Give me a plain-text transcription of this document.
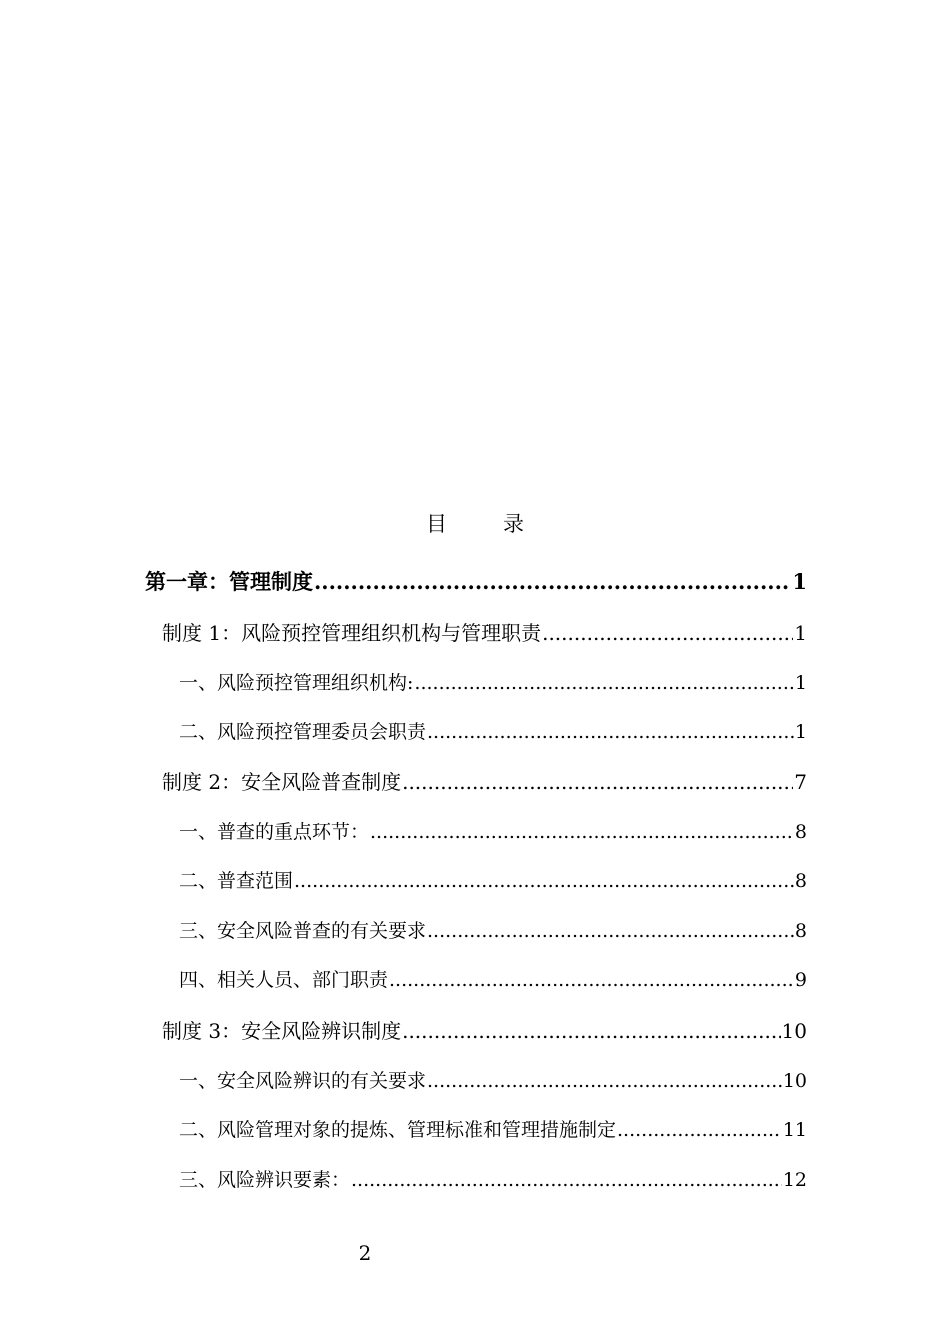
目录
第一章：管理制度 .....	1
制度 1：风险预控管理组织机构与管理职责 .....	1
一、风险预控管理组织机构: .....	1
二、风险预控管理委员会职责 .....	1
制度 2：安全风险普查制度 .....	7
一、普查的重点环节： .....	8
二、普查范围 .....	8
三、安全风险普查的有关要求 .....	8
四、相关人员、部门职责 .....	9
制度 3：安全风险辨识制度 .....	10
一、安全风险辨识的有关要求 .....	10
二、风险管理对象的提炼、管理标准和管理措施制定 .....	11
三、风险辨识要素： .....	12
2
